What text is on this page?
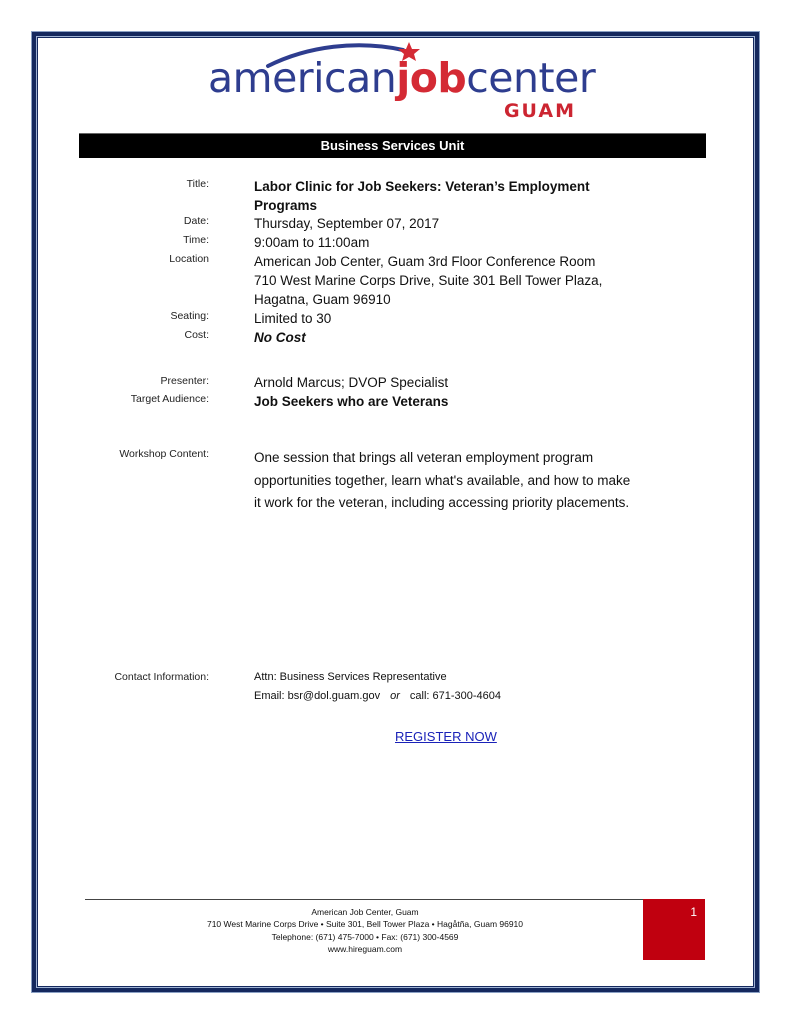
americanjobcenter
GUAM
Business Services Unit
Title:	Labor Clinic for Job Seekers: Veteran’s Employment
Programs
Date:	Thursday, September 07, 2017
Time:	9:00am to 11:00am
Location	American Job Center, Guam 3rd Floor Conference Room
710 West Marine Corps Drive, Suite 301 Bell Tower Plaza,
Hagatna, Guam 96910
Seating:	Limited to 30
Cost:	No Cost
Presenter:	Arnold Marcus; DVOP Specialist
Target Audience:	Job Seekers who are Veterans
Workshop Content:	One session that brings all veteran employment program opportunities together, learn what's available, and how to make it work for the veteran, including accessing priority placements.
Contact Information:	Attn: Business Services Representative
Email: bsr@dol.guam.gov or call: 671-300-4604
REGISTER NOW
American Job Center, Guam
710 West Marine Corps Drive • Suite 301, Bell Tower Plaza • Hagåtña, Guam 96910
Telephone: (671) 475-7000 • Fax: (671) 300-4569
www.hireguam.com
1
